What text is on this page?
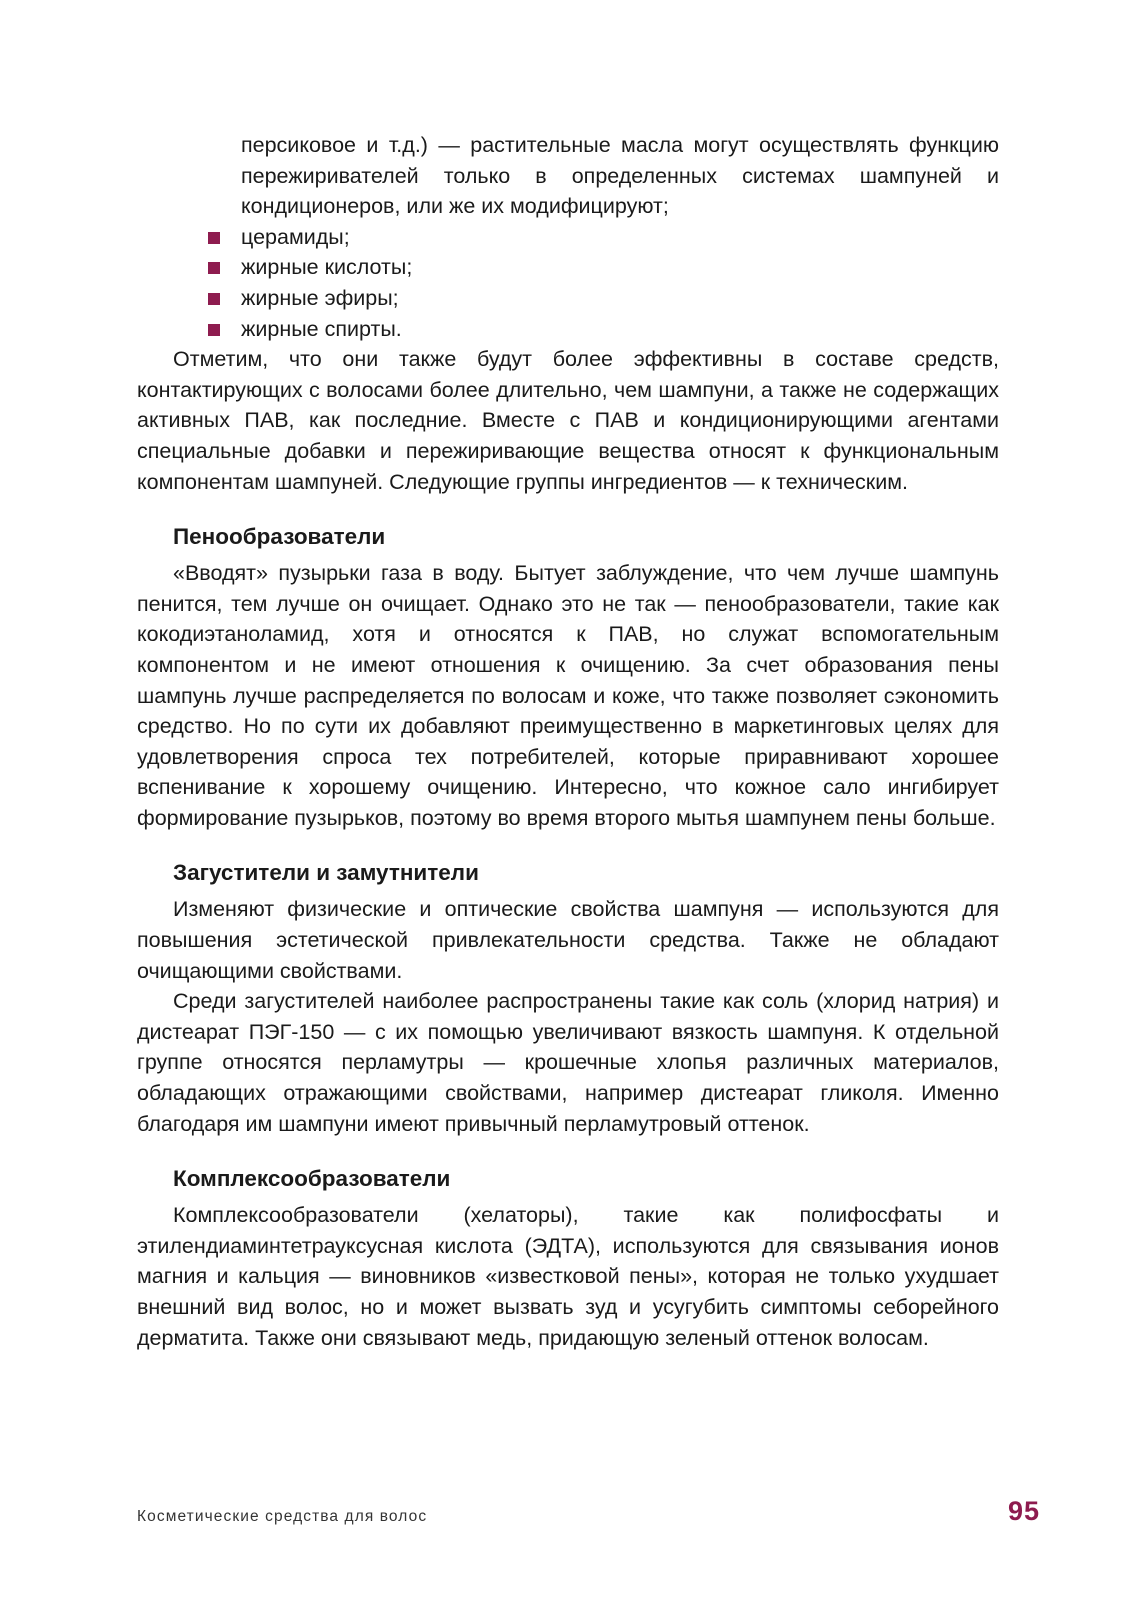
персиковое и т.д.) — растительные масла могут осуществлять функцию пережиривателей только в определенных системах шампуней и кондиционеров, или же их модифицируют;

церамиды;
жирные кислоты;
жирные эфиры;
жирные спирты.

Отметим, что они также будут более эффективны в составе средств, контактирующих с волосами более длительно, чем шампуни, а также не содержащих активных ПАВ, как последние. Вместе с ПАВ и кондиционирующими агентами специальные добавки и пережиривающие вещества относят к функциональным компонентам шампуней. Следующие группы ингредиентов — к техническим.

Пенообразователи

«Вводят» пузырьки газа в воду. Бытует заблуждение, что чем лучше шампунь пенится, тем лучше он очищает. Однако это не так — пенообразователи, такие как кокодиэтаноламид, хотя и относятся к ПАВ, но служат вспомогательным компонентом и не имеют отношения к очищению. За счет образования пены шампунь лучше распределяется по волосам и коже, что также позволяет сэкономить средство. Но по сути их добавляют преимущественно в маркетинговых целях для удовлетворения спроса тех потребителей, которые приравнивают хорошее вспенивание к хорошему очищению. Интересно, что кожное сало ингибирует формирование пузырьков, поэтому во время второго мытья шампунем пены больше.

Загустители и замутнители

Изменяют физические и оптические свойства шампуня — используются для повышения эстетической привлекательности средства. Также не обладают очищающими свойствами.

Среди загустителей наиболее распространены такие как соль (хлорид натрия) и дистеарат ПЭГ-150 — с их помощью увеличивают вязкость шампуня. К отдельной группе относятся перламутры — крошечные хлопья различных материалов, обладающих отражающими свойствами, например дистеарат гликоля. Именно благодаря им шампуни имеют привычный перламутровый оттенок.

Комплексообразователи

Комплексообразователи (хелаторы), такие как полифосфаты и этилендиаминтетрауксусная кислота (ЭДТА), используются для связывания ионов магния и кальция — виновников «известковой пены», которая не только ухудшает внешний вид волос, но и может вызвать зуд и усугубить симптомы себорейного дерматита. Также они связывают медь, придающую зеленый оттенок волосам.

Косметические средства для волос	95
